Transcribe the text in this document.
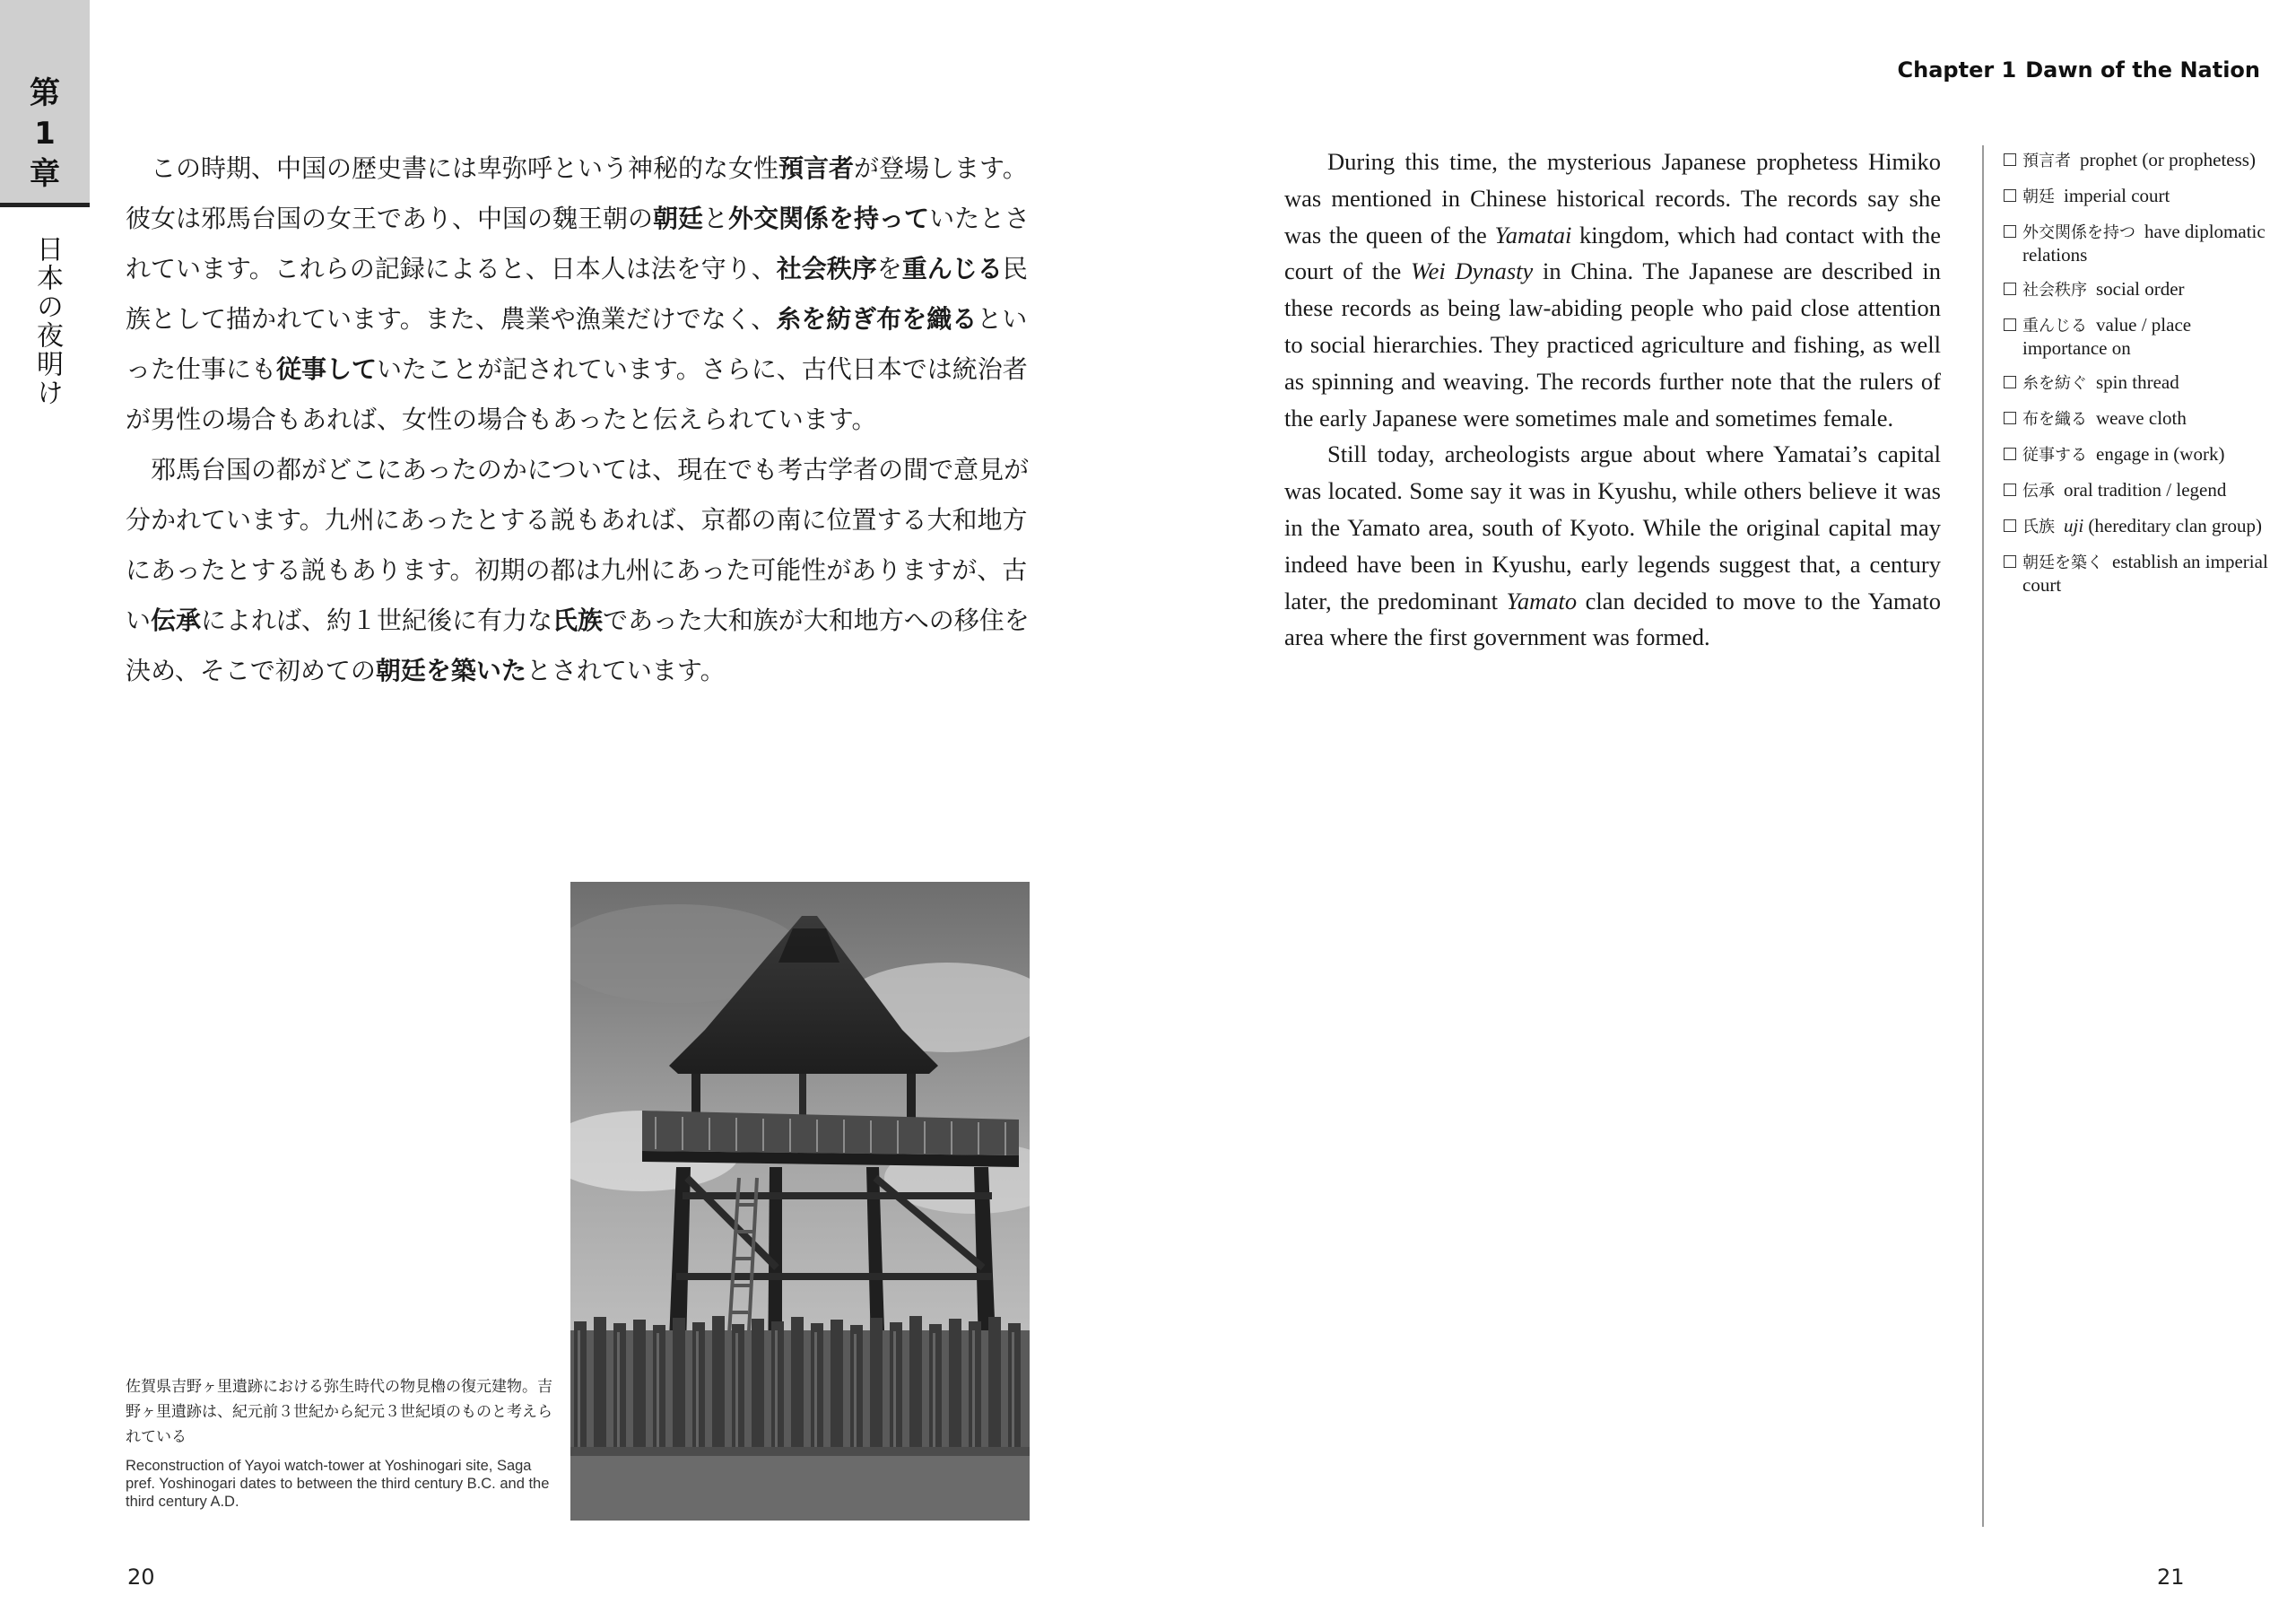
第
1
章
日本の夜明け
Chapter 1 Dawn of the Nation

この時期、中国の歴史書には卑弥呼という神秘的な女性預言者が登場します。彼女は邪馬台国の女王であり、中国の魏王朝の朝廷と外交関係を持っていたとされています。これらの記録によると、日本人は法を守り、社会秩序を重んじる民族として描かれています。また、農業や漁業だけでなく、糸を紡ぎ布を織るといった仕事にも従事していたことが記されています。さらに、古代日本では統治者が男性の場合もあれば、女性の場合もあったと伝えられています。

邪馬台国の都がどこにあったのかについては、現在でも考古学者の間で意見が分かれています。九州にあったとする説もあれば、京都の南に位置する大和地方にあったとする説もあります。初期の都は九州にあった可能性がありますが、古い伝承によれば、約１世紀後に有力な氏族であった大和族が大和地方への移住を決め、そこで初めての朝廷を築いたとされています。

During this time, the mysterious Japanese prophetess Himiko was mentioned in Chinese historical records. The records say she was the queen of the Yamatai kingdom, which had contact with the court of the Wei Dynasty in China. The Japanese are described in these records as being law-abiding people who paid close attention to social hierarchies. They practiced agriculture and fishing, as well as spinning and weaving. The records further note that the rulers of the early Japanese were sometimes male and sometimes female.

Still today, archeologists argue about where Yamatai’s capital was located. Some say it was in Kyushu, while others believe it was in the Yamato area, south of Kyoto. While the original capital may indeed have been in Kyushu, early legends suggest that, a century later, the predominant Yamato clan decided to move to the Yamato area where the first government was formed.

預言者 prophet (or prophetess)
朝廷 imperial court
外交関係を持つ have diplomatic relations
社会秩序 social order
重んじる value / place importance on
糸を紡ぐ spin thread
布を織る weave cloth
従事する engage in (work)
伝承 oral tradition / legend
氏族 uji (hereditary clan group)
朝廷を築く establish an imperial court
佐賀県吉野ヶ里遺跡における弥生時代の物見櫓の復元建物。吉野ヶ里遺跡は、紀元前３世紀から紀元３世紀頃のものと考えられている
Reconstruction of Yayoi watch-tower at Yoshinogari site, Saga pref. Yoshinogari dates to between the third century B.C. and the third century A.D.
20	21
